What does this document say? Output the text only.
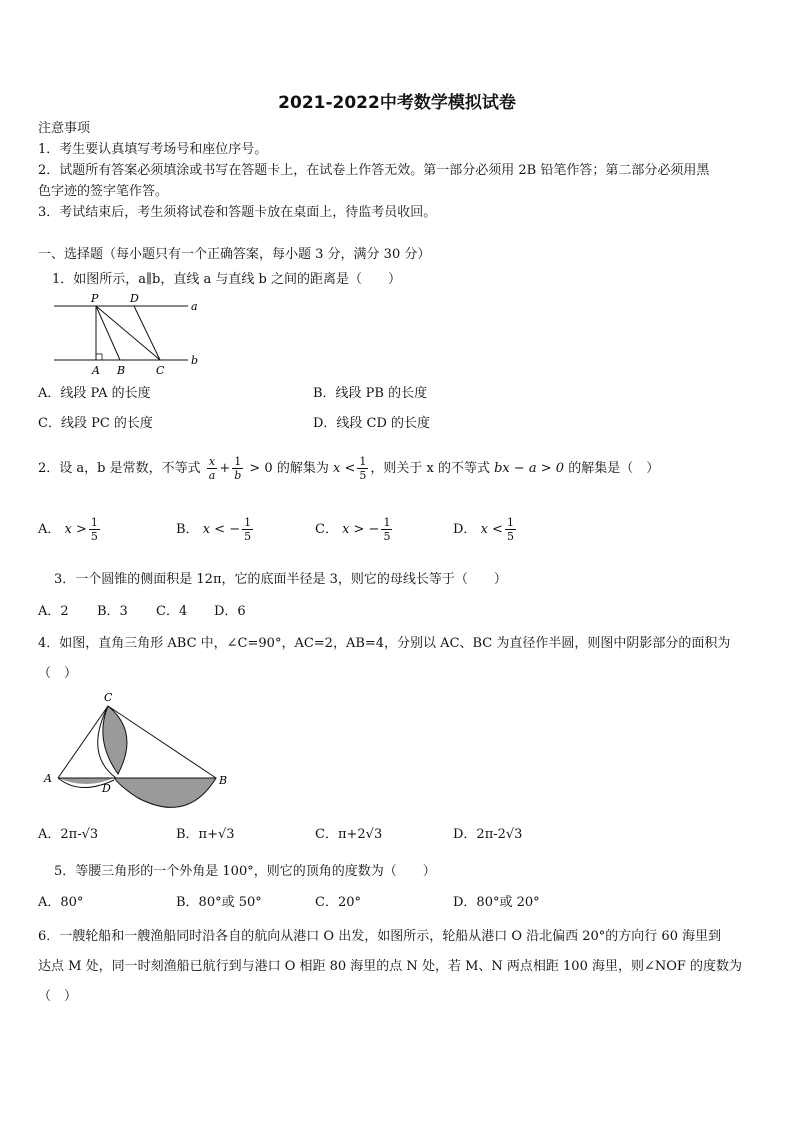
2021-2022中考数学模拟试卷
注意事项
1．考生要认真填写考场号和座位序号。
2．试题所有答案必须填涂或书写在答题卡上，在试卷上作答无效。第一部分必须用 2B 铅笔作答；第二部分必须用黑
色字迹的签字笔作答。
3．考试结束后，考生须将试卷和答题卡放在桌面上，待监考员收回。
一、选择题（每小题只有一个正确答案，每小题 3 分，满分 30 分）
1．如图所示，a∥b，直线 a 与直线 b 之间的距离是（　　）
P	D
a
A B	C
b
A．线段 PA 的长度	B．线段 PB 的长度
C．线段 PC 的长度	D．线段 CD 的长度
2．设 a，b 是常数，不等式 $\frac{x}{a} + \frac{1}{b} > 0$ 的解集为 $x < \frac{1}{5}$ ，则关于 x 的不等式 bx − a > 0 的解集是（　）
A． $x > \frac{1}{5}$	B． x < − $\frac{1}{5}$	C． x > − $\frac{1}{5}$	D． $x < \frac{1}{5}$
3．一个圆锥的侧面积是 12π，它的底面半径是 3，则它的母线长等于（　　）
A．2 B．3 C．4 D．6
4．如图，直角三角形 ABC 中，∠C=90°，AC=2，AB=4，分别以 AC、BC 为直径作半圆，则图中阴影部分的面积为
（　）
C
A
D
B
A．2π-√3	B．π+√3	C．π+2√3	D．2π-2√3
5．等腰三角形的一个外角是 100°，则它的顶角的度数为（　　）
A．80°	B．80°或 50°	C．20°	D．80°或 20°
6．一艘轮船和一艘渔船同时沿各自的航向从港口 O 出发，如图所示，轮船从港口 O 沿北偏西 20°的方向行 60 海里到
达点 M 处，同一时刻渔船已航行到与港口 O 相距 80 海里的点 N 处，若 M、N 两点相距 100 海里，则∠NOF 的度数为
（　）
